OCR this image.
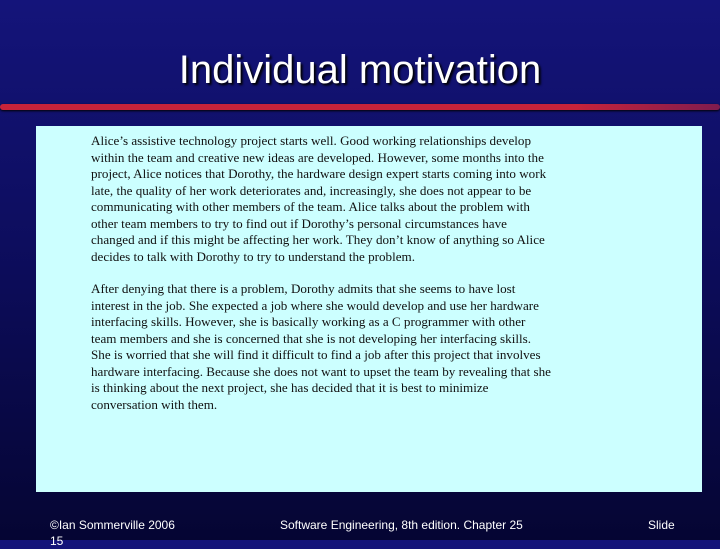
Individual motivation

Alice’s assistive technology project starts well. Good working relationships develop within the team and creative new ideas are developed. However, some months into the project, Alice notices that Dorothy, the hardware design expert starts coming into work late, the quality of her work deteriorates and, increasingly, she does not appear to be communicating with other members of the team. Alice talks about the problem with other team members to try to find out if Dorothy’s personal circumstances have changed and if this might be affecting her work. They don’t know of anything so Alice decides to talk with Dorothy to try to understand the problem.

After denying that there is a problem, Dorothy admits that she seems to have lost interest in the job. She expected a job where she would develop and use her hardware interfacing skills. However, she is basically working as a C programmer with other team members and she is concerned that she is not developing her interfacing skills. She is worried that she will find it difficult to find a job after this project that involves hardware interfacing. Because she does not want to upset the team by revealing that she is thinking about the next project, she has decided that it is best to minimize conversation with them.

©Ian Sommerville 2006
15
Software Engineering, 8th edition. Chapter 25	Slide
